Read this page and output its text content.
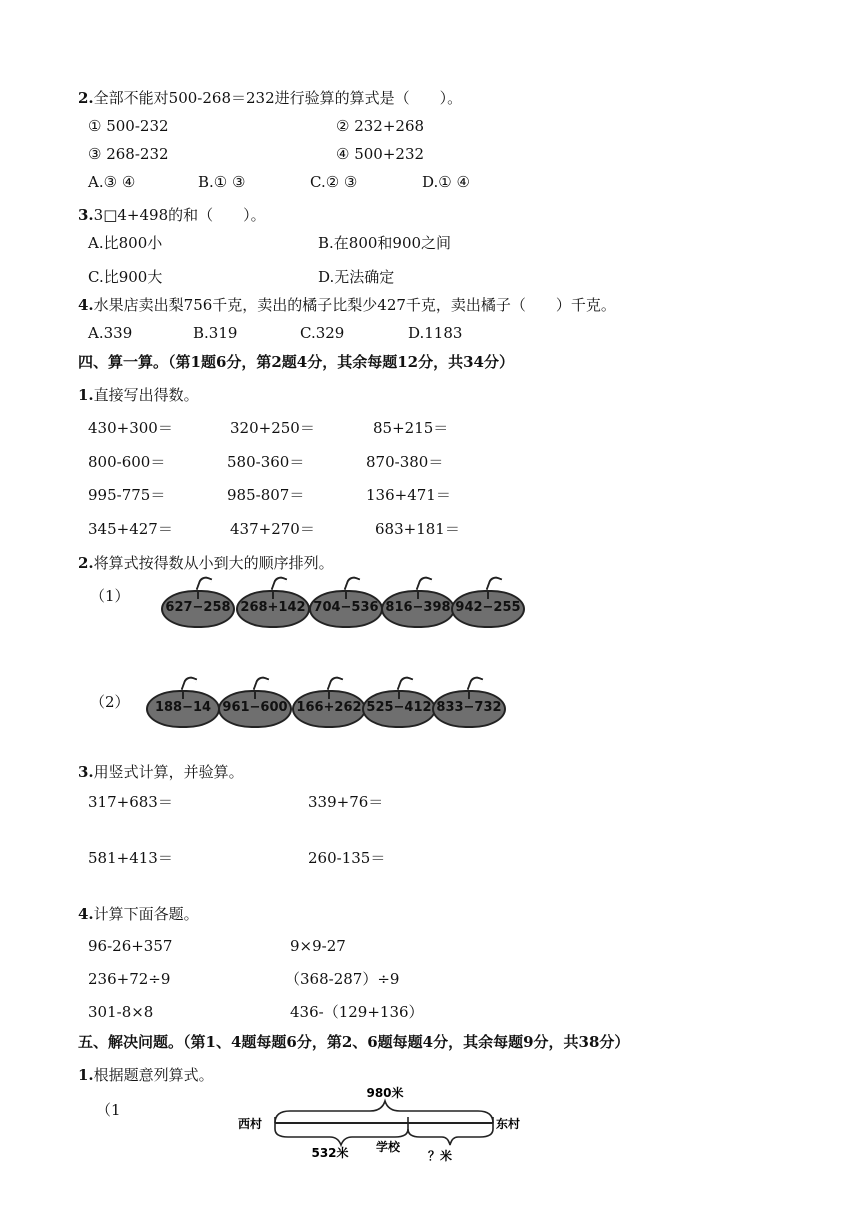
2.全部不能对500-268＝232进行验算的算式是（　　）。
① 500-232	② 232+268
③ 268-232	④ 500+232
A.③ ④	B.① ③	C.② ③	D.① ④
3.3□4+498的和（　　）。
A.比800小	B.在800和900之间
C.比900大	D.无法确定
4.水果店卖出梨756千克，卖出的橘子比梨少427千克，卖出橘子（　　）千克。
A.339	B.319	C.329	D.1183
四、算一算。（第1题6分，第2题4分，其余每题12分，共34分）
1.直接写出得数。
430+300＝	320+250＝	85+215＝
800-600＝	580-360＝	870-380＝
995-775＝	985-807＝	136+471＝
345+427＝	437+270＝	683+181＝
2.将算式按得数从小到大的顺序排列。
（1）
627−258 268+142 704−536 816−398 942−255
（2）	188−14 961−600 166+262 525−412 833−732
3.用竖式计算，并验算。
317+683＝	339+76＝
581+413＝	260-135＝
4.计算下面各题。
96-26+357	9×9-27
236+72÷9	（368-287）÷9
301-8×8	436-（129+136）
五、解决问题。（第1、4题每题6分，第2、6题每题4分，其余每题9分，共38分）
1.根据题意列算式。
（1
980米
西村	东村
532米 学校
？米
